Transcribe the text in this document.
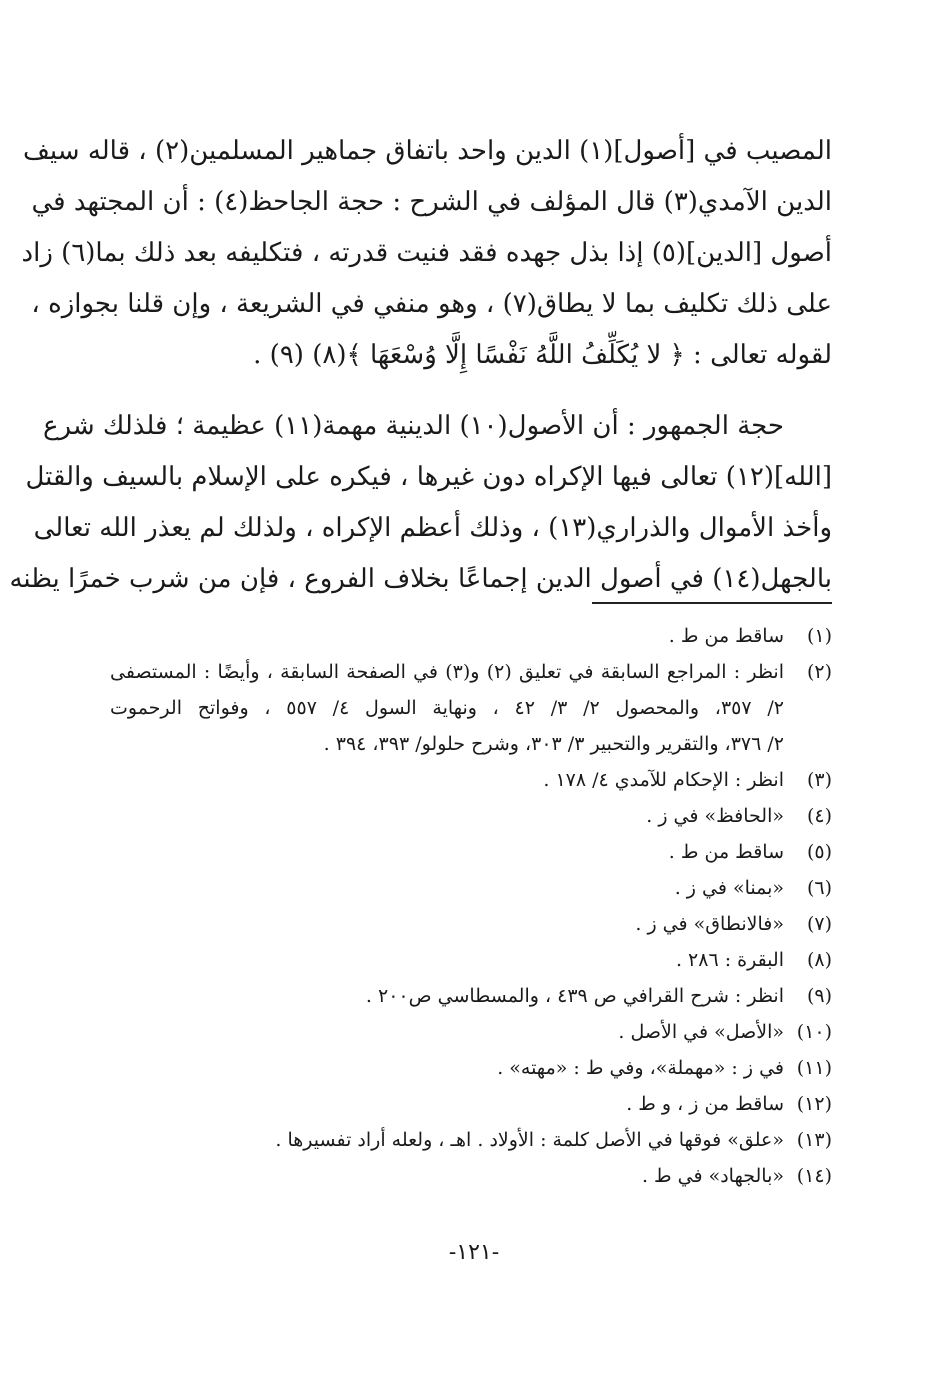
المصيب في [أصول](١) الدين واحد باتفاق جماهير المسلمين(٢) ، قاله سيف
الدين الآمدي(٣) قال المؤلف في الشرح : حجة الجاحظ(٤) : أن المجتهد في
أصول [الدين](٥) إذا بذل جهده فقد فنيت قدرته ، فتكليفه بعد ذلك بما(٦) زاد
على ذلك تكليف بما لا يطاق(٧) ، وهو منفي في الشريعة ، وإن قلنا بجوازه ،
لقوله تعالى : ﴿ لا يُكَلِّفُ اللَّهُ نَفْسًا إِلَّا وُسْعَهَا ﴾(٨) (٩) .
حجة الجمهور : أن الأصول(١٠) الدينية مهمة(١١) عظيمة ؛ فلذلك شرع
[الله](١٢) تعالى فيها الإكراه دون غيرها ، فيكره على الإسلام بالسيف والقتل
وأخذ الأموال والذراري(١٣) ، وذلك أعظم الإكراه ، ولذلك لم يعذر الله تعالى
بالجهل(١٤) في أصول الدين إجماعًا بخلاف الفروع ، فإن من شرب خمرًا يظنه
(١)
ساقط من ط .
(٢)
انظر : المراجع السابقة في تعليق (٢) و(٣) في الصفحة السابقة ، وأيضًا : المستصفى
٢/ ٣٥٧، والمحصول ٢/ ٣/ ٤٢ ، ونهاية السول ٤/ ٥٥٧ ، وفواتح الرحموت
٢/ ٣٧٦، والتقرير والتحبير ٣/ ٣٠٣، وشرح حلولو/ ٣٩٣، ٣٩٤ .
(٣)
انظر : الإحكام للآمدي ٤/ ١٧٨ .
(٤)
«الحافظ» في ز .
(٥)
ساقط من ط .
(٦)
«بمنا» في ز .
(٧)
«فالانطاق» في ز .
(٨)
البقرة : ٢٨٦ .
(٩)
انظر : شرح القرافي ص ٤٣٩ ، والمسطاسي ص٢٠٠ .
(١٠)
«الأصل» في الأصل .
(١١)
في ز : «مهملة»، وفي ط : «مهته» .
(١٢)
ساقط من ز ، و ط .
(١٣)
«علق» فوقها في الأصل كلمة : الأولاد . اهـ ، ولعله أراد تفسيرها .
(١٤)
«بالجهاد» في ط .
-١٢١-
